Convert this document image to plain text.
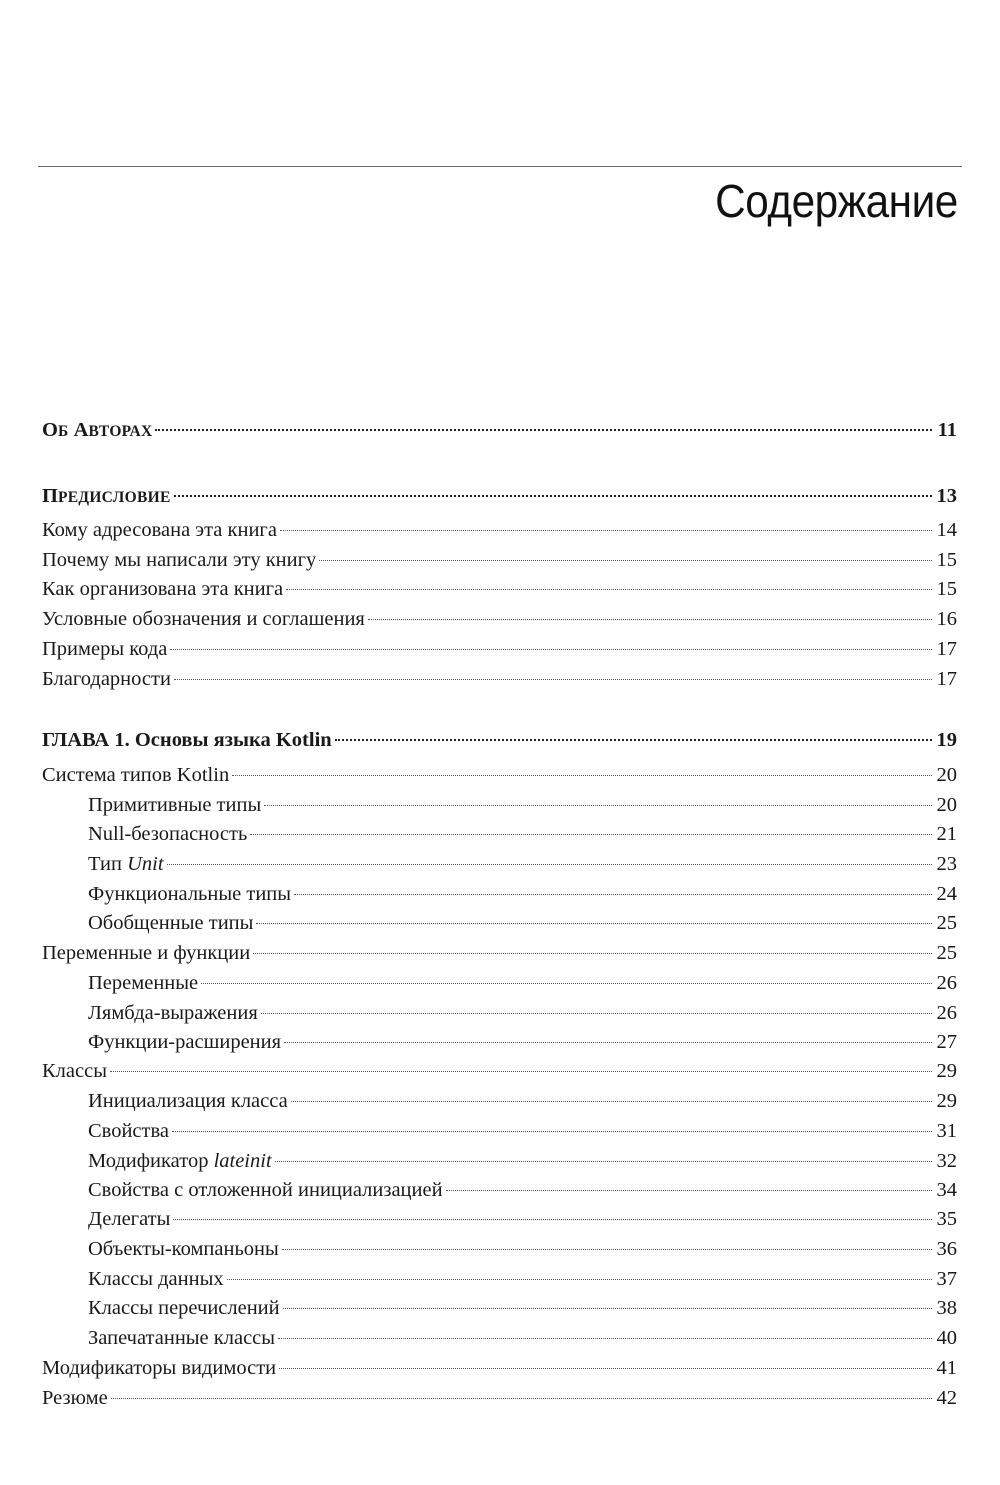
Содержание
ОБ АВТОРАХ	11
ПРЕДИСЛОВИЕ	13
Кому адресована эта книга	14
Почему мы написали эту книгу	15
Как организована эта книга	15
Условные обозначения и соглашения	16
Примеры кода	17
Благодарности	17
ГЛАВА 1. Основы языка Kotlin	19
Система типов Kotlin	20
Примитивные типы	20
Null-безопасность	21
Тип Unit	23
Функциональные типы	24
Обобщенные типы	25
Переменные и функции	25
Переменные	26
Лямбда-выражения	26
Функции-расширения	27
Классы	29
Инициализация класса	29
Свойства	31
Модификатор lateinit	32
Свойства с отложенной инициализацией	34
Делегаты	35
Объекты-компаньоны	36
Классы данных	37
Классы перечислений	38
Запечатанные классы	40
Модификаторы видимости	41
Резюме	42
